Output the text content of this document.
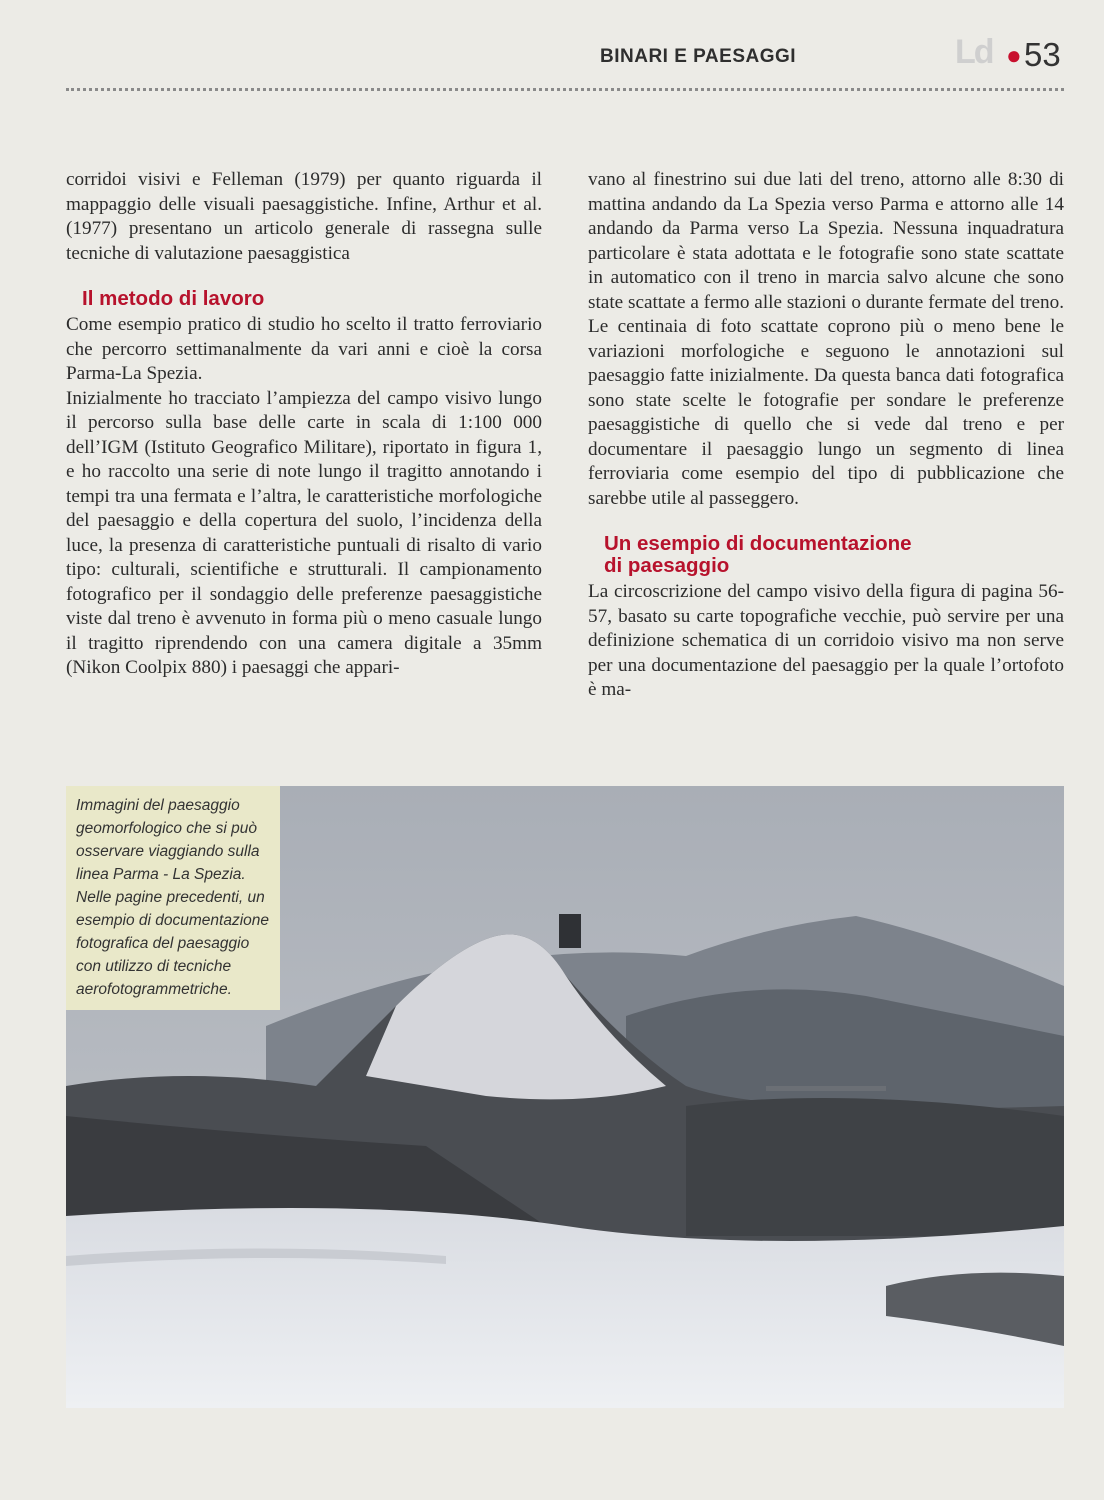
BINARI E PAESAGGI	Ld ● 53

corridoi visivi e Felleman (1979) per quanto riguarda il mappaggio delle visuali paesaggistiche. Infine, Arthur et al. (1977) presentano un articolo generale di rassegna sulle tecniche di valutazione paesaggistica

Il metodo di lavoro

Come esempio pratico di studio ho scelto il tratto ferroviario che percorro settimanalmente da vari anni e cioè la corsa Parma-La Spezia.

Inizialmente ho tracciato l’ampiezza del campo visivo lungo il percorso sulla base delle carte in scala di 1:100 000 dell’IGM (Istituto Geografico Militare), riportato in figura 1, e ho raccolto una serie di note lungo il tragitto annotando i tempi tra una fermata e l’altra, le caratteristiche morfologiche del paesaggio e della copertura del suolo, l’incidenza della luce, la presenza di caratteristiche puntuali di risalto di vario tipo: culturali, scientifiche e strutturali. Il campionamento fotografico per il sondaggio delle preferenze paesaggistiche viste dal treno è avvenuto in forma più o meno casuale lungo il tragitto riprendendo con una camera digitale a 35mm (Nikon Coolpix 880) i paesaggi che appari-

vano al finestrino sui due lati del treno, attorno alle 8:30 di mattina andando da La Spezia verso Parma e attorno alle 14 andando da Parma verso La Spezia. Nessuna inquadratura particolare è stata adottata e le fotografie sono state scattate in automatico con il treno in marcia salvo alcune che sono state scattate a fermo alle stazioni o durante fermate del treno. Le centinaia di foto scattate coprono più o meno bene le variazioni morfologiche e seguono le annotazioni sul paesaggio fatte inizialmente. Da questa banca dati fotografica sono state scelte le fotografie per sondare le preferenze paesaggistiche di quello che si vede dal treno e per documentare il paesaggio lungo un segmento di linea ferroviaria come esempio del tipo di pubblicazione che sarebbe utile al passeggero.

Un esempio di documentazione
di paesaggio

La circoscrizione del campo visivo della figura di pagina 56-57, basato su carte topografiche vecchie, può servire per una definizione schematica di un corridoio visivo ma non serve per una documentazione del paesaggio per la quale l’ortofoto è ma-

Immagini del paesaggio geomorfologico che si può osservare viaggiando sulla linea Parma - La Spezia. Nelle pagine precedenti, un esempio di documentazione fotografica del paesaggio con utilizzo di tecniche aerofotogrammetriche.
